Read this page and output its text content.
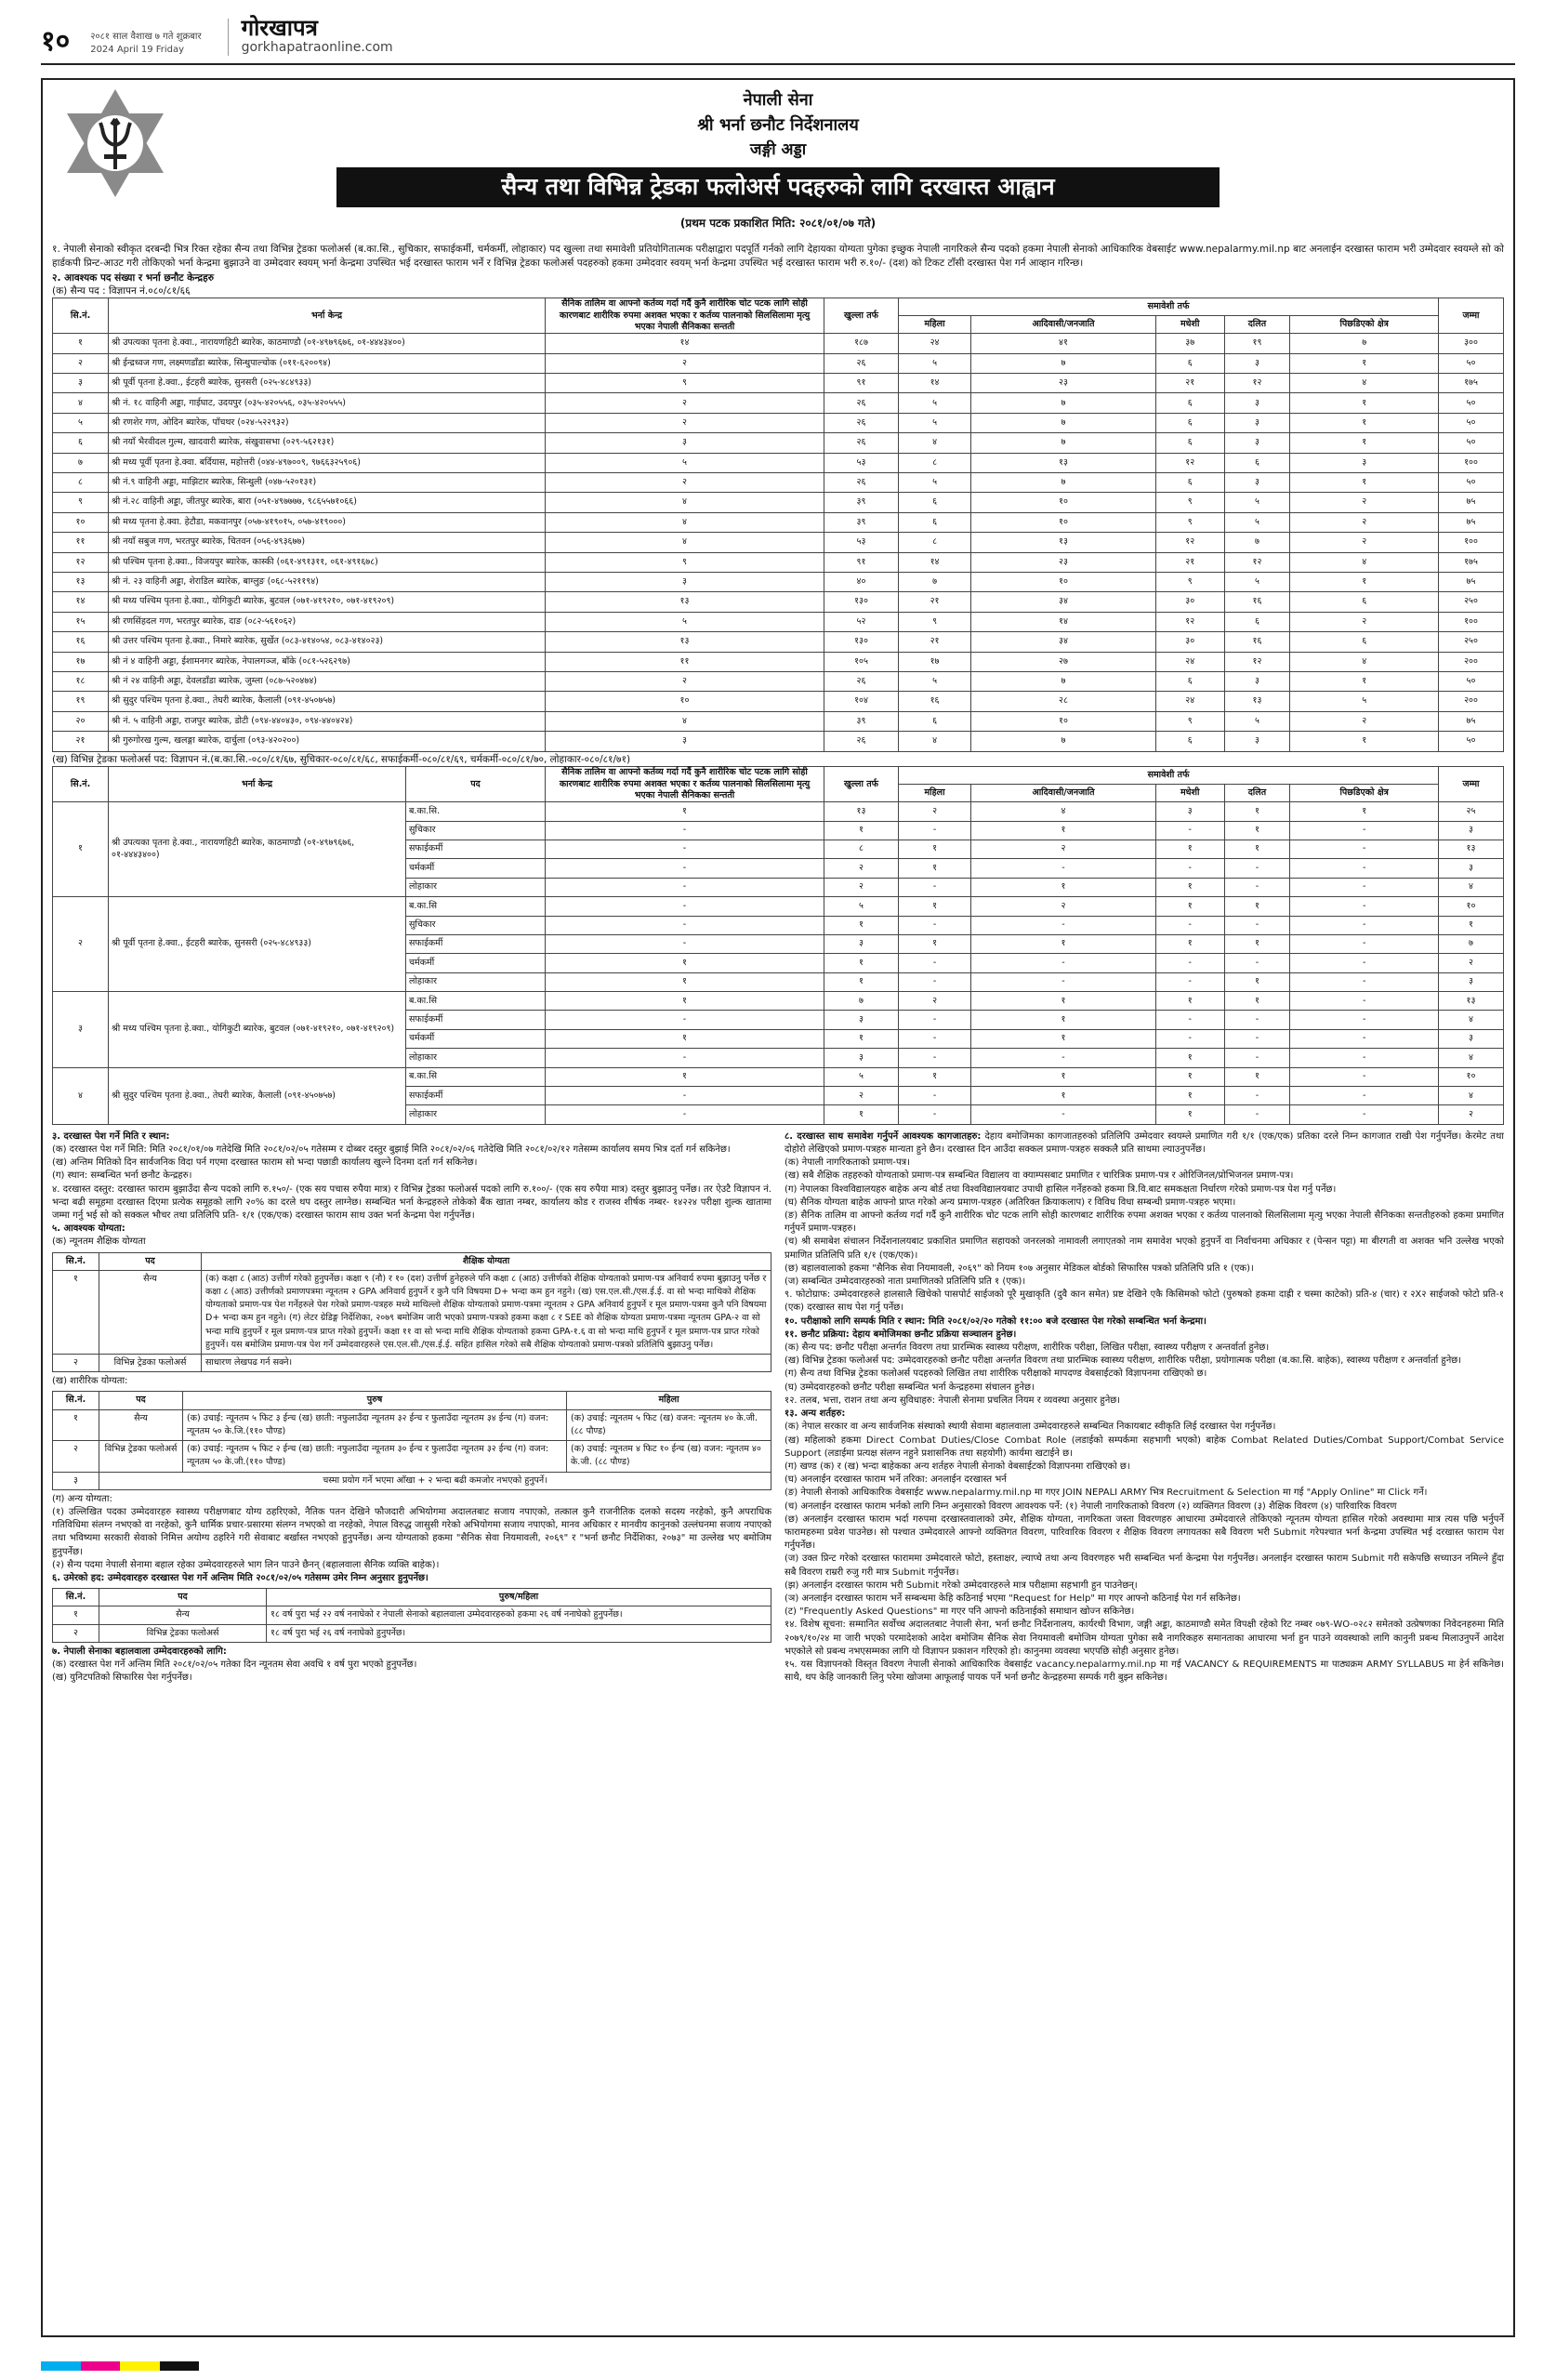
१० २०८१ साल वैशाख ७ गते शुक्रबार
2024 April 19 Friday
गोरखापत्र
gorkhapatraonline.com
नेपाली सेना
श्री भर्ना छनौट निर्देशनालय
जङ्गी अड्डा
सैन्य तथा विभिन्न ट्रेडका फलोअर्स पदहरुको लागि दरखास्त आह्वान
(प्रथम पटक प्रकाशित मिति: २०८१/०१/०७ गते)
१. नेपाली सेनाको स्वीकृत दरबन्दी भित्र रिक्त रहेका सैन्य तथा विभिन्न ट्रेडका फलोअर्स (ब.का.सि., सुचिकार, सफाईकर्मी, चर्मकर्मी, लोहाकार) पद खुल्ला तथा समावेशी प्रतियोगितात्मक परीक्षाद्वारा पदपूर्ति गर्नको लागि देहायका योग्यता पुगेका इच्छुक नेपाली नागरिकले सैन्य पदको हकमा नेपाली सेनाको आधिकारिक वेबसाईट www.nepalarmy.mil.np बाट अनलाईन दरखास्त फाराम भरी उम्मेदवार स्वयम्ले सो को हार्डकपी प्रिन्ट-आउट गरी तोकिएको भर्ना केन्द्रमा बुझाउने वा उम्मेदवार स्वयम् भर्ना केन्द्रमा उपस्थित भई दरखास्त फाराम भर्ने र विभिन्न ट्रेडका फलोअर्स पदहरुको हकमा उम्मेदवार स्वयम् भर्ना केन्द्रमा उपस्थित भई दरखास्त फाराम भरी रु.१०/- (दश) को टिकट टाँसी दरखास्त पेश गर्न आव्हान गरिन्छ।
२. आवश्यक पद संख्या र भर्ना छनौट केन्द्रहरु
(क) सैन्य पद : विज्ञापन नं.०८०/८१/६६
सि.नं.	भर्ना केन्द्र	सैनिक तालिम वा आफ्नो कर्तव्य गर्दा गर्दै कुनै शारीरिक चोट पटक लागि सोही कारणबाट शारीरिक रुपमा अशक्त भएका र कर्तव्य पालनाको सिलसिलामा मृत्यु भएका नेपाली सैनिकका सन्तती	खुल्ला तर्फ	समावेशी तर्फ					जम्मा
				महिला	आदिवासी/जनजाति	मधेशी	दलित	पिछडिएको क्षेत्र	
१	श्री उपत्यका पृतना हे.क्वा., नारायणहिटी ब्यारेक, काठमाण्डौ (०१-४९७९६७६, ०१-४४४३४००)	१४	१८७	२४	४१	३७	१९	७	३००
२	श्री ईन्द्रध्वज गण, लक्ष्मणडाँडा ब्यारेक, सिन्धुपाल्चोक (०११-६२००९४)	२	२६	५	७	६	३	१	५०
३	श्री पूर्वी पृतना हे.क्वा., ईटहरी ब्यारेक, सुनसरी (०२५-४८४९३३)	९	९१	१४	२३	२१	१२	४	१७५
४	श्री नं. १८ वाहिनी अड्डा, गाईघाट, उदयपुर (०३५-४२०५५६, ०३५-४२०५५५)	२	२६	५	७	६	३	१	५०
५	श्री रणशेर गण, ओदिन ब्यारेक, पाँचथर (०२४-५२२९३२)	२	२६	५	७	६	३	१	५०
६	श्री नयाँ भैरवीदल गुल्म, खादवारी ब्यारेक, संखुवासभा (०२९-५६२१३१)	३	२६	४	७	६	३	१	५०
७	श्री मध्य पूर्वी पृतना हे.क्वा. बर्दियास, महोत्तरी (०४४-४९७००९, ९७६६३२५९०६)	५	५३	८	१३	१२	६	३	१००
८	श्री नं.९ वाहिनी अड्डा, माझिटार ब्यारेक, सिन्धुली (०४७-५२०१३१)	२	२६	५	७	६	३	१	५०
९	श्री नं.२८ वाहिनी अड्डा, जीतपुर ब्यारेक, बारा (०५१-४९७७७७, ९८६५५७१०६६)	४	३९	६	१०	९	५	२	७५
१०	श्री मध्य पृतना हे.क्वा. हेटौडा, मकवानपुर (०५७-४१९०१५, ०५७-४१९०००)	४	३९	६	१०	९	५	२	७५
११	श्री नयाँ सबुज गण, भरतपुर ब्यारेक, चितवन (०५६-४९३६७७)	४	५३	८	१३	१२	७	२	१००
१२	श्री पश्चिम पृतना हे.क्वा., विजयपुर ब्यारेक, कास्की (०६१-४९१३११, ०६१-४९१६७८)	९	९१	१४	२३	२१	१२	४	१७५
१३	श्री नं. २३ वाहिनी अड्डा, शेराडिल ब्यारेक, बाग्लुङ (०६८-५२११९४)	३	४०	७	१०	९	५	१	७५
१४	श्री मध्य पश्चिम पृतना हे.क्वा., योगिकुटी ब्यारेक, बुटवल (०७१-४१९२१०, ०७१-४१९२०९)	१३	१३०	२१	३४	३०	१६	६	२५०
१५	श्री रणसिंहदल गण, भरतपुर ब्यारेक, दाङ (०८२-५६१०६२)	५	५२	९	१४	१२	६	२	१००
१६	श्री उत्तर पश्चिम पृतना हे.क्वा., निमारे ब्यारेक, सुर्खेत (०८३-४१४०५४, ०८३-४१४०२३)	१३	१३०	२१	३४	३०	१६	६	२५०
१७	श्री नं ४ वाहिनी अड्डा, ईशामनगर ब्यारेक, नेपालगञ्ज, बाँके (०८१-५२६२९७)	११	१०५	१७	२७	२४	१२	४	२००
१८	श्री नं २४ वाहिनी अड्डा, देवलडाँडा ब्यारेक, जुम्ला (०८७-५२०४७४)	२	२६	५	७	६	३	१	५०
१९	श्री सुदुर पश्चिम पृतना हे.क्वा., तेघरी ब्यारेक, कैलाली (०९१-४५०७५७)	१०	१०४	१६	२८	२४	१३	५	२००
२०	श्री नं. ५ वाहिनी अड्डा, राजपुर ब्यारेक, डोटी (०९४-४४०४३०, ०९४-४४०४२४)	४	३९	६	१०	९	५	२	७५
२१	श्री गुरुगोरख गुल्म, खलङ्गा ब्यारेक, दार्चुला (०९३-४२०२००)	३	२६	४	७	६	३	१	५०
(ख) विभिन्न ट्रेडका फलोअर्स पद: विज्ञापन नं.(ब.का.सि.-०८०/८१/६७, सुचिकार-०८०/८१/६८, सफाईकर्मी-०८०/८१/६९, चर्मकर्मी-०८०/८१/७०, लोहाकार-०८०/८१/७१)
सि.नं.	भर्ना केन्द्र	पद	सैनिक तालिम वा आफ्नो कर्तव्य गर्दा गर्दै कुनै शारीरिक चोट पटक लागि सोही कारणबाट शारीरिक रुपमा अशक्त भएका र कर्तव्य पालनाको सिलसिलामा मृत्यु भएका नेपाली सैनिकका सन्तती	खुल्ला तर्फ	समावेशी तर्फ					जम्मा
					महिला	आदिवासी/जनजाति	मधेशी	दलित	पिछडिएको क्षेत्र	
१	श्री उपत्यका पृतना हे.क्वा., नारायणहिटी ब्यारेक, काठमाण्डौ (०१-४९७९६७६, ०१-४४४३४००)	ब.का.सि.	१	१३	२	४	३	१	१	२५
		सुचिकार	-	१	-	१	-	१	-	३
		सफाईकर्मी	-	८	१	२	१	१	-	१३
		चर्मकर्मी	-	२	१	-	-	-	-	३
		लोहाकार	-	२	-	१	१	-	-	४
२	श्री पूर्वी पृतना हे.क्वा., ईटहरी ब्यारेक, सुनसरी (०२५-४८४९३३)	ब.का.सि	-	५	१	२	१	१	-	१०
		सुचिकार	-	१	-	-	-	-	-	१
		सफाईकर्मी	-	३	१	१	१	१	-	७
		चर्मकर्मी	१	१	-	-	-	-	-	२
		लोहाकार	१	१	-	-	-	१	-	३
३	श्री मध्य पश्चिम पृतना हे.क्वा., योगिकुटी ब्यारेक, बुटवल (०७१-४१९२१०, ०७१-४१९२०९)	ब.का.सि	१	७	२	१	१	१	-	१३
		सफाईकर्मी	-	३	-	१	-	-	-	४
		चर्मकर्मी	१	१	-	१	-	-	-	३
		लोहाकार	-	३	-	-	१	-	-	४
४	श्री सुदुर पश्चिम पृतना हे.क्वा., तेघरी ब्यारेक, कैलाली (०९१-४५०७५७)	ब.का.सि	१	५	१	१	१	१	-	१०
		सफाईकर्मी	-	२	-	१	१	-	-	४
		लोहाकार	-	१	-	-	१	-	-	२
३. दरखास्त पेश गर्ने मिति र स्थान:
(क) दरखास्त पेश गर्ने मिति: मिति २०८१/०१/०७ गतेदेखि मिति २०८१/०२/०५ गतेसम्म र दोब्बर दस्तुर बुझाई मिति २०८१/०२/०६ गतेदेखि मिति २०८१/०२/१२ गतेसम्म कार्यालय समय भित्र दर्ता गर्न सकिनेछ।
(ख) अन्तिम मितिको दिन सार्वजनिक विदा पर्न गएमा दरखास्त फाराम सो भन्दा पछाडी कार्यालय खुल्ने दिनमा दर्ता गर्न सकिनेछ।
(ग) स्थान: सम्बन्धित भर्ना छनौट केन्द्रहरु।
४. दरखास्त दस्तुर: दरखास्त फाराम बुझाउँदा सैन्य पदको लागि रु.१५०/- (एक सय पचास रुपैया मात्र) र विभिन्न ट्रेडका फलोअर्स पदको लागि रु.१००/- (एक सय रुपैया मात्र) दस्तुर बुझाउनु पर्नेछ। तर ऐउटै विज्ञापन नं. भन्दा बढी समूहमा दरखास्त दिएमा प्रत्येक समूहको लागि २०% का दरले थप दस्तुर लाग्नेछ। सम्बन्धित भर्ना केन्द्रहरुले तोकेको बैंक खाता नम्बर, कार्यालय कोड र राजस्व शीर्षक नम्बर- १४२२४ परीक्षा शुल्क खातामा जम्मा गर्नु भई सो को सक्कल भौचर तथा प्रतिलिपि प्रति- १/१ (एक/एक) दरखास्त फाराम साथ उक्त भर्ना केन्द्रमा पेश गर्नुपर्नेछ।
५. आवश्यक योग्यता:
(क) न्यूनतम शैक्षिक योग्यता
सि.नं.	पद	शैक्षिक योग्यता
१	सैन्य	(क) कक्षा ८ (आठ) उत्तीर्ण गरेको हुनुपर्नेछ। कक्षा ९ (नौ) र १० (दश) उत्तीर्ण हुनेहरुले पनि कक्षा ८ (आठ) उत्तीर्णको शैक्षिक योग्यताको प्रमाण-पत्र अनिवार्य रुपमा बुझाउनु पर्नेछ र कक्षा ८ (आठ) उत्तीर्णको प्रमाणपत्रमा न्यूनतम २ GPA अनिवार्य हुनुपर्ने र कुनै पनि विषयमा D+ भन्दा कम हुन नहुने। (ख) एस.एल.सी./एस.ई.ई. वा सो भन्दा माथिको शैक्षिक योग्यताको प्रमाण-पत्र पेश गर्नेहरुले पेश गरेको प्रमाण-पत्रहरु मध्ये माथिल्लो शैक्षिक योग्यताको प्रमाण-पत्रमा न्यूनतम २ GPA अनिवार्य हुनुपर्ने र मूल प्रमाण-पत्रमा कुनै पनि विषयमा D+ भन्दा कम हुन नहुने। (ग) लेटर ग्रेडिङ्ग निर्देशिका, २०७९ बमोजिम जारी भएको प्रमाण-पत्रको हकमा कक्षा ८ र SEE को शैक्षिक योग्यता प्रमाण-पत्रमा न्यूनतम GPA-२ वा सो भन्दा माथि हुनुपर्ने र मूल प्रमाण-पत्र प्राप्त गरेको हुनुपर्ने। कक्षा ११ वा सो भन्दा माथि शैक्षिक योग्यताको हकमा GPA-१.६ वा सो भन्दा माथि हुनुपर्ने र मूल प्रमाण-पत्र प्राप्त गरेको हुनुपर्ने। यस बमोजिम प्रमाण-पत्र पेश गर्ने उम्मेदवारहरुले एस.एल.सी./एस.ई.ई. सहित हासिल गरेको सबै शैक्षिक योग्यताको प्रमाण-पत्रको प्रतिलिपि बुझाउनु पर्नेछ।
२	विभिन्न ट्रेडका फलोअर्स	साधारण लेखपढ गर्न सक्ने।
(ख) शारीरिक योग्यता:
सि.नं.	पद	पुरुष	महिला
१	सैन्य	(क) उचाई: न्यूनतम ५ फिट ३ ईन्च (ख) छाती: नफुलाउँदा न्यूनतम ३२ ईन्च र फुलाउँदा न्यूनतम ३४ ईन्च (ग) वजन: न्यूनतम ५० के.जि.(११० पौण्ड)	(क) उचाई: न्यूनतम ५ फिट (ख) वजन: न्यूनतम ४० के.जी. (८८ पौण्ड)
२	विभिन्न ट्रेडका फलोअर्स	(क) उचाई: न्यूनतम ५ फिट २ ईन्च (ख) छाती: नफुलाउँदा न्यूनतम ३० ईन्च र फुलाउँदा न्यूनतम ३२ ईन्च (ग) वजन: न्यूनतम ५० के.जी.(११० पौण्ड)	(क) उचाई: न्यूनतम ४ फिट १० ईन्च (ख) वजन: न्यूनतम ४० के.जी. (८८ पौण्ड)
३	चस्मा प्रयोग गर्ने भएमा आँखा + २ भन्दा बढी कमजोर नभएको हुनुपर्ने।		
(ग) अन्य योग्यता:
(१) उल्लिखित पदका उम्मेदवारहरु स्वास्थ्य परीक्षणबाट योग्य ठहरिएको, नैतिक पतन देखिने फौजदारी अभियोगमा अदालतबाट सजाय नपाएको, तत्काल कुनै राजनीतिक दलको सदस्य नरहेको, कुनै अपराधिक गतिविधिमा संलग्न नभएको वा नरहेको, कुनै धार्मिक प्रचार-प्रसारमा संलग्न नभएको वा नरहेको, नेपाल विरुद्ध जासुसी गरेको अभियोगमा सजाय नपाएको, मानव अधिकार र मानवीय कानुनको उल्लंघनमा सजाय नपाएको तथा भविष्यमा सरकारी सेवाको निमित्त अयोग्य ठहरिने गरी सेवाबाट बर्खास्त नभएको हुनुपर्नेछ। अन्य योग्यताको हकमा "सैनिक सेवा नियमावली, २०६९" र "भर्ना छनौट निर्देशिका, २०७३" मा उल्लेख भए बमोजिम हुनुपर्नेछ।
(२) सैन्य पदमा नेपाली सेनामा बहाल रहेका उम्मेदवारहरुले भाग लिन पाउने छैनन् (बहालवाला सैनिक व्यक्ति बाहेक)।
६. उमेरको हद: उम्मेदवारहरु दरखास्त पेश गर्ने अन्तिम मिति २०८१/०२/०५ गतेसम्म उमेर निम्न अनुसार हुनुपर्नेछ।
सि.नं.	पद	पुरुष/महिला
१	सैन्य	१८ वर्ष पुरा भई २२ वर्ष ननाघेको र नेपाली सेनाको बहालवाला उम्मेदवारहरुको हकमा २६ वर्ष ननाघेको हुनुपर्नेछ।
२	विभिन्न ट्रेडका फलोअर्स	१८ वर्ष पुरा भई २६ वर्ष ननाघेको हुनुपर्नेछ।
७. नेपाली सेनाका बहालवाला उम्मेदवारहरुको लागि:
(क) दरखास्त पेश गर्ने अन्तिम मिति २०८१/०२/०५ गतेका दिन न्यूनतम सेवा अवधि १ वर्ष पुरा भएको हुनुपर्नेछ।
(ख) युनिटपतिको सिफारिस पेश गर्नुपर्नेछ।
८. दरखास्त साथ समावेश गर्नुपर्ने आवश्यक कागजातहरु: देहाय बमोजिमका कागजातहरुको प्रतिलिपि उम्मेदवार स्वयम्ले प्रमाणित गरी १/१ (एक/एक) प्रतिका दरले निम्न कागजात राखी पेश गर्नुपर्नेछ। केरमेट तथा दोहोरो लेखिएको प्रमाण-पत्रहरु मान्यता हुने छैन। दरखास्त दिन आउँदा सक्कल प्रमाण-पत्रहरु सक्कलै प्रति साथमा ल्याउनुपर्नेछ।
(क) नेपाली नागरिकताको प्रमाण-पत्र।
(ख) सबै शैक्षिक तहहरुको योग्यताको प्रमाण-पत्र सम्बन्धित विद्यालय वा क्याम्पसबाट प्रमाणित र चारित्रिक प्रमाण-पत्र र ओरिजिनल/प्रोभिजनल प्रमाण-पत्र।
(ग) नेपालका विश्वविद्यालयहरु बाहेक अन्य बोर्ड तथा विश्वविद्यालयबाट उपाधी हासिल गर्नेहरुको हकमा त्रि.वि.बाट समकक्षता निर्धारण गरेको प्रमाण-पत्र पेश गर्नु पर्नेछ।
(घ) सैनिक योग्यता बाहेक आफ्नो प्राप्त गरेको अन्य प्रमाण-पत्रहरु (अतिरिक्त क्रियाकलाप) र विविध विधा सम्बन्धी प्रमाण-पत्रहरु भएमा।
(ङ) सैनिक तालिम वा आफ्नो कर्तव्य गर्दा गर्दै कुनै शारीरिक चोट पटक लागि सोही कारणबाट शारीरिक रुपमा अशक्त भएका र कर्तव्य पालनाको सिलसिलामा मृत्यु भएका नेपाली सैनिकका सन्ततीहरुको हकमा प्रमाणित गर्नुपर्ने प्रमाण-पत्रहरु।
(च) श्री समाबेश संचालन निर्देशनालयबाट प्रकाशित प्रमाणित सहायको जनरलको नामावली लगाएतको नाम समावेश भएको हुनुपर्ने वा निर्वाचनमा अधिकार र (पेन्सन पट्टा) मा बीरगती वा अशक्त भनि उल्लेख भएको प्रमाणित प्रतिलिपि प्रति १/१ (एक/एक)।
(छ) बहालवालाको हकमा "सैनिक सेवा नियमावली, २०६९" को नियम १०७ अनुसार मेडिकल बोर्डको सिफारिस पत्रको प्रतिलिपि प्रति १ (एक)।
(ज) सम्बन्धित उम्मेदवारहरुको नाता प्रमाणितको प्रतिलिपि प्रति १ (एक)।
९. फोटोग्राफ: उम्मेदवारहरुले हालसालै खिचेको पासपोर्ट साईजको पूरै मुखाकृति (दुवै कान समेत) प्रष्ट देखिने एकै किसिमको फोटो (पुरुषको हकमा दाह्री र चस्मा काटेको) प्रति-४ (चार) र २X२ साईजको फोटो प्रति-१ (एक) दरखास्त साथ पेश गर्नु पर्नेछ।
१०. परीक्षाको लागि सम्पर्क मिति र स्थान: मिति २०८१/०२/२० गतेको ११:०० बजे दरखास्त पेश गरेको सम्बन्धित भर्ना केन्द्रमा।
११. छनौट प्रक्रिया: देहाय बमोजिमका छनौट प्रक्रिया सञ्चालन हुनेछ।
(क) सैन्य पद: छनौट परीक्षा अन्तर्गत विवरण तथा प्रारम्भिक स्वास्थ्य परीक्षण, शारीरिक परीक्षा, लिखित परीक्षा, स्वास्थ्य परीक्षण र अन्तर्वार्ता हुनेछ।
(ख) विभिन्न ट्रेडका फलोअर्स पद: उम्मेदवारहरुको छनौट परीक्षा अन्तर्गत विवरण तथा प्रारम्भिक स्वास्थ्य परीक्षण, शारीरिक परीक्षा, प्रयोगात्मक परीक्षा (ब.का.सि. बाहेक), स्वास्थ्य परीक्षण र अन्तर्वार्ता हुनेछ।
(ग) सैन्य तथा विभिन्न ट्रेडका फलोअर्स पदहरुको लिखित तथा शारीरिक परीक्षाको मापदण्ड वेबसाईटको विज्ञापनमा राखिएको छ।
(घ) उम्मेदवारहरुको छनौट परीक्षा सम्बन्धित भर्ना केन्द्रहरुमा संचालन हुनेछ।
१२. तलब, भत्ता, राशन तथा अन्य सुविधाहरु: नेपाली सेनामा प्रचलित नियम र व्यवस्था अनुसार हुनेछ।
१३. अन्य शर्तहरु:
(क) नेपाल सरकार वा अन्य सार्वजनिक संस्थाको स्थायी सेवामा बहालवाला उम्मेदवारहरुले सम्बन्धित निकायबाट स्वीकृति लिई दरखास्त पेश गर्नुपर्नेछ।
(ख) महिलाको हकमा Direct Combat Duties/Close Combat Role (लडाईको सम्पर्कमा सहभागी भएको) बाहेक Combat Related Duties/Combat Support/Combat Service Support (लडाईमा प्रत्यक्ष संलग्न नहुने प्रशासनिक तथा सहयोगी) कार्यमा खटाईने छ।
(ग) खण्ड (क) र (ख) भन्दा बाहेकका अन्य शर्तहरु नेपाली सेनाको वेबसाईटको विज्ञापनमा राखिएको छ।
(घ) अनलाईन दरखास्त फाराम भर्ने तरिका: अनलाईन दरखास्त भर्न
(ङ) नेपाली सेनाको आधिकारिक वेबसाईट www.nepalarmy.mil.np मा गएर JOIN NEPALI ARMY भित्र Recruitment & Selection मा गई "Apply Online" मा Click गर्ने।
(च) अनलाईन दरखास्त फाराम भर्नको लागि निम्न अनुसारको विवरण आवश्यक पर्ने: (१) नेपाली नागरिकताको विवरण (२) व्यक्तिगत विवरण (३) शैक्षिक विवरण (४) पारिवारिक विवरण
(छ) अनलाईन दरखास्त फाराम भर्दा गरुपमा दरखास्तवालाको उमेर, शैक्षिक योग्यता, नागरिकता जस्ता विवरणहरु आधारमा उम्मेदवारले तोकिएको न्यूनतम योग्यता हासिल गरेको अवस्थामा मात्र त्यस पछि भर्नुपर्ने फारामहरुमा प्रवेश पाउनेछ। सो पश्चात उम्मेदवारले आफ्नो व्यक्तिगत विवरण, पारिवारिक विवरण र शैक्षिक विवरण लगायतका सबै विवरण भरी Submit गरेपश्चात भर्ना केन्द्रमा उपस्थित भई दरखास्त फाराम पेश गर्नुपर्नेछ।
(ज) उक्त प्रिन्ट गरेको दरखास्त फाराममा उम्मेदवारले फोटो, हस्ताक्षर, ल्याप्चे तथा अन्य विवरणहरु भरी सम्बन्धित भर्ना केन्द्रमा पेश गर्नुपर्नेछ। अनलाईन दरखास्त फाराम Submit गरी सकेपछि सच्याउन नमिल्ने हुँदा सबै विवरण राम्ररी रुजु गरी मात्र Submit गर्नुपर्नेछ।
(झ) अनलाईन दरखास्त फाराम भरी Submit गरेको उम्मेदवारहरुले मात्र परीक्षामा सहभागी हुन पाउनेछन्।
(ञ) अनलाईन दरखास्त फाराम भर्ने सम्बन्धमा केहि कठिनाई भएमा "Request for Help" मा गएर आफ्नो कठिनाई पेश गर्न सकिनेछ।
(ट) "Frequently Asked Questions" मा गएर पनि आफ्नो कठिनाईको समाधान खोज्न सकिनेछ।
१४. विशेष सूचना: सम्मानित सर्वोच्च अदालतबाट नेपाली सेना, भर्ना छनौट निर्देशनालय, कार्यरथी विभाग, जङ्गी अड्डा, काठमाण्डौ समेत विपक्षी रहेको रिट नम्बर ०७९-WO-०२८२ समेतको उत्प्रेषणका निवेदनहरुमा मिति २०७९/१०/२४ मा जारी भएको परमादेशको आदेश बमोजिम सैनिक सेवा नियमावली बमोजिम योग्यता पुगेका सबै नागरिकहरु समानताका आधारमा भर्ना हुन पाउने व्यवस्थाको लागि कानुनी प्रबन्ध मिलाउनुपर्ने आदेश भएकोले सो प्रबन्ध नभएसम्मका लागि यो विज्ञापन प्रकाशन गरिएको हो। कानुनमा व्यवस्था भएपछि सोही अनुसार हुनेछ।
१५. यस विज्ञापनको विस्तृत विवरण नेपाली सेनाको आधिकारिक वेबसाईट vacancy.nepalarmy.mil.np मा गई VACANCY & REQUIREMENTS मा पाठ्यक्रम ARMY SYLLABUS मा हेर्न सकिनेछ। साथै, थप केहि जानकारी लिनु परेमा खोजमा आफूलाई पायक पर्ने भर्ना छनौट केन्द्रहरुमा सम्पर्क गरी बुझ्न सकिनेछ।
